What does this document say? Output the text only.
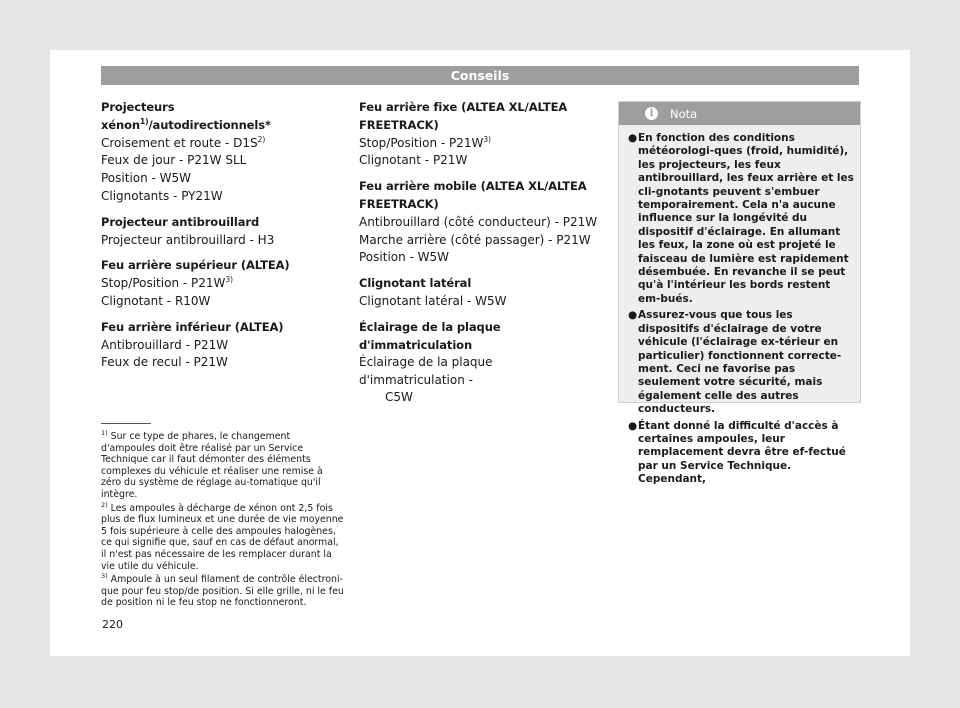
Conseils

Projecteurs xénon$^{1)}$/autodirectionnels*

Croisement et route - $D1S^{2)}$

Feux de jour - P21W SLL

Position - W5W

Clignotants - PY21W

Projecteur antibrouillard

Projecteur antibrouillard - H3

Feu arrière supérieur (ALTEA)

Stop/Position - $P21W^{3)}$

Clignotant - R10W

Feu arrière inférieur (ALTEA)

Antibrouillard - P21W

Feux de recul - P21W

Feu arrière fixe (ALTEA XL/ALTEA FREETRACK)

Stop/Position - $P21W^{3)}$

Clignotant - P21W

Feu arrière mobile (ALTEA XL/ALTEA
FREETRACK)

Antibrouillard (côté conducteur) - P21W

Marche arrière (côté passager) - P21W

Position - W5W

Clignotant latéral

Clignotant latéral - W5W

Éclairage de la plaque d'immatriculation

Éclairage de la plaque d'immatriculation -

C5W

i	Nota
● En fonction des conditions météorologi-ques (froid, humidité), les projecteurs, les feux antibrouillard, les feux arrière et les cli-gnotants peuvent s'embuer temporairement. Cela n'a aucune influence sur la longévité du dispositif d'éclairage. En allumant les feux, la zone où est projeté le faisceau de lumière est rapidement désembuée. En revanche il se peut qu'à l'intérieur les bords restent em-bués.
● Assurez-vous que tous les dispositifs d'éclairage de votre véhicule (l'éclairage ex-térieur en particulier) fonctionnent correcte-ment. Ceci ne favorise pas seulement votre sécurité, mais également celle des autres conducteurs.
● Étant donné la difficulté d'accès à certaines ampoules, leur remplacement devra être ef-fectué par un Service Technique. Cependant,

$^{1)}$ Sur ce type de phares, le changement d'ampoules doit être réalisé par un Service Technique car il faut démonter des éléments complexes du véhicule et réaliser une remise à zéro du système de réglage au-tomatique qu'il intègre.

$^{2)}$ Les ampoules à décharge de xénon ont 2,5 fois plus de flux lumineux et une durée de vie moyenne 5 fois supérieure à celle des ampoules halogènes, ce qui signifie que, sauf en cas de défaut anormal, il n'est pas nécessaire de les remplacer durant la vie utile du véhicule.

$^{3)}$ Ampoule à un seul filament de contrôle électroni-que pour feu stop/de position. Si elle grille, ni le feu de position ni le feu stop ne fonctionneront.

220
